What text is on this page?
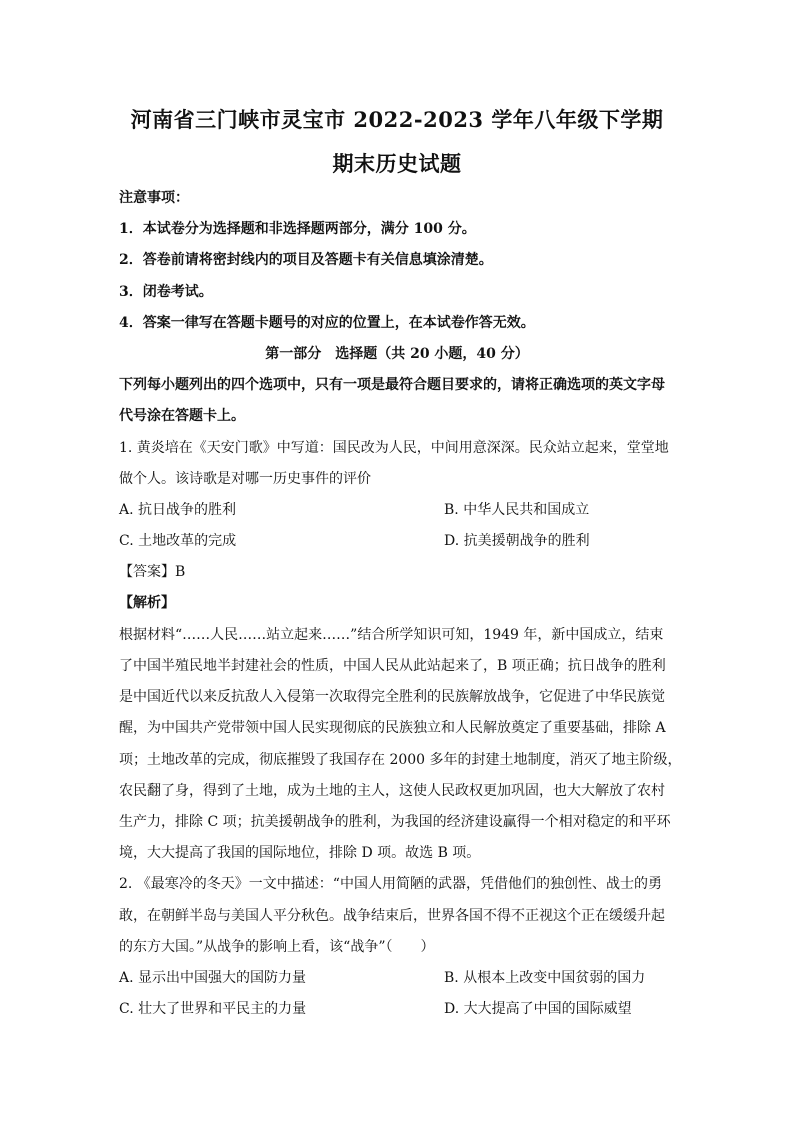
河南省三门峡市灵宝市 2022-2023 学年八年级下学期
期末历史试题
注意事项：
1．本试卷分为选择题和非选择题两部分，满分 100 分。
2．答卷前请将密封线内的项目及答题卡有关信息填涂清楚。
3．闭卷考试。
4．答案一律写在答题卡题号的对应的位置上，在本试卷作答无效。
第一部分　选择题（共 20 小题，40 分）
下列每小题列出的四个选项中，只有一项是最符合题目要求的，请将正确选项的英文字母
代号涂在答题卡上。
1. 黄炎培在《天安门歌》中写道：国民改为人民，中间用意深深。民众站立起来，堂堂地
做个人。该诗歌是对哪一历史事件的评价
A. 抗日战争的胜利	B. 中华人民共和国成立
C. 土地改革的完成	D. 抗美援朝战争的胜利
【答案】B
【解析】
根据材料“……人民……站立起来……”结合所学知识可知，1949 年，新中国成立，结束
了中国半殖民地半封建社会的性质，中国人民从此站起来了，B 项正确；抗日战争的胜利
是中国近代以来反抗敌人入侵第一次取得完全胜利的民族解放战争，它促进了中华民族觉
醒，为中国共产党带领中国人民实现彻底的民族独立和人民解放奠定了重要基础，排除 A
项；土地改革的完成，彻底摧毁了我国存在 2000 多年的封建土地制度，消灭了地主阶级，
农民翻了身，得到了土地，成为土地的主人，这使人民政权更加巩固，也大大解放了农村
生产力，排除 C 项；抗美援朝战争的胜利，为我国的经济建设赢得一个相对稳定的和平环
境，大大提高了我国的国际地位，排除 D 项。故选 B 项。
2. 《最寒冷的冬天》一文中描述：“中国人用简陋的武器，凭借他们的独创性、战士的勇
敢，在朝鲜半岛与美国人平分秋色。战争结束后，世界各国不得不正视这个正在缓缓升起
的东方大国。”从战争的影响上看，该“战争”（　　）
A. 显示出中国强大的国防力量	B. 从根本上改变中国贫弱的国力
C. 壮大了世界和平民主的力量	D. 大大提高了中国的国际威望
